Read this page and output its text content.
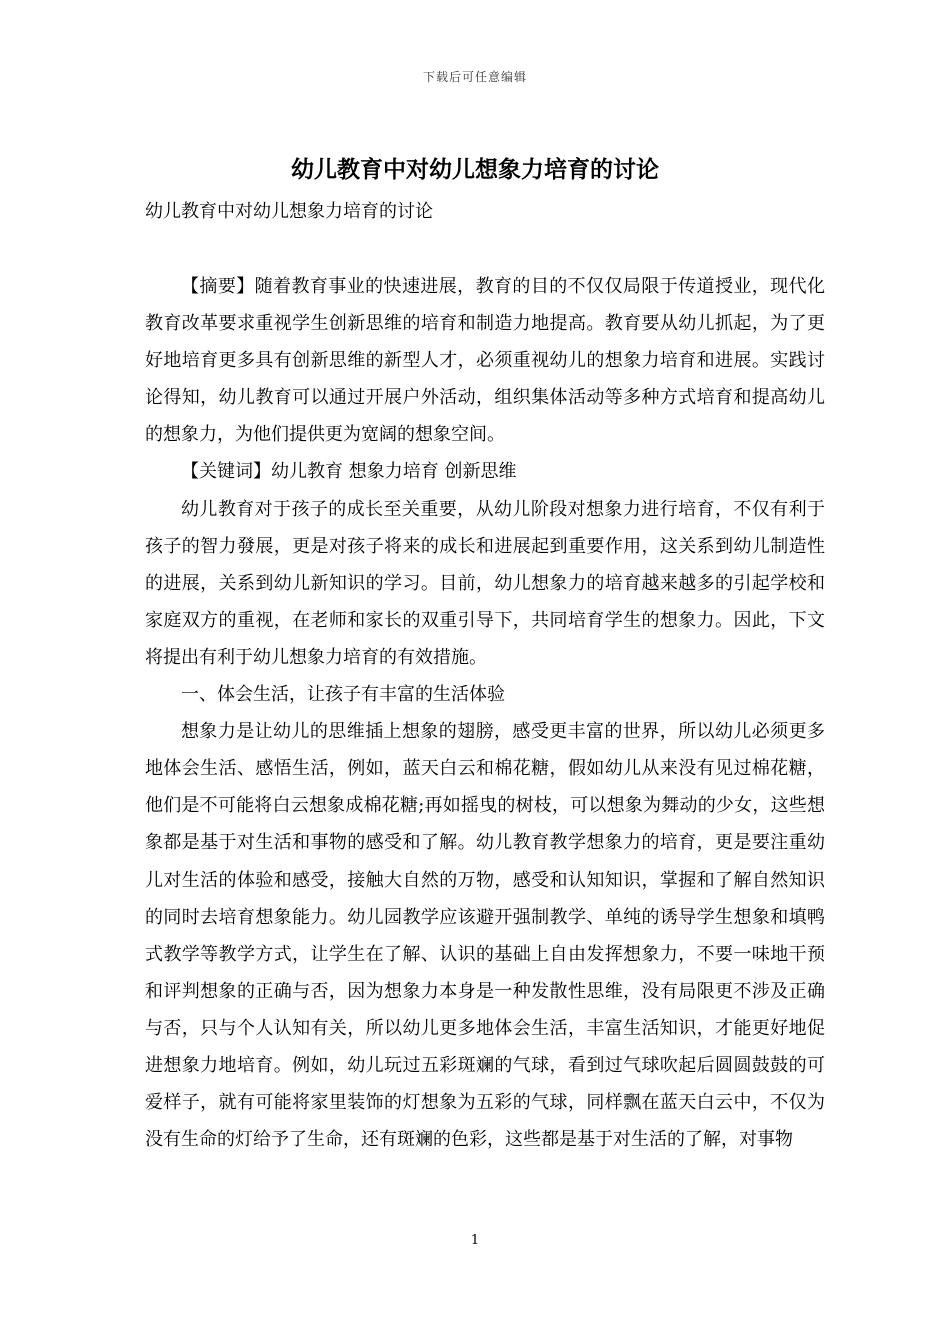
下载后可任意编辑
幼儿教育中对幼儿想象力培育的讨论
幼儿教育中对幼儿想象力培育的讨论

【摘要】随着教育事业的快速进展，教育的目的不仅仅局限于传道授业，现代化教育改革要求重视学生创新思维的培育和制造力地提高。教育要从幼儿抓起，为了更好地培育更多具有创新思维的新型人才，必须重视幼儿的想象力培育和进展。实践讨论得知，幼儿教育可以通过开展户外活动，组织集体活动等多种方式培育和提高幼儿的想象力，为他们提供更为宽阔的想象空间。

【关键词】幼儿教育 想象力培育 创新思维

幼儿教育对于孩子的成长至关重要，从幼儿阶段对想象力进行培育，不仅有利于孩子的智力發展，更是对孩子将来的成长和进展起到重要作用，这关系到幼儿制造性的进展，关系到幼儿新知识的学习。目前，幼儿想象力的培育越来越多的引起学校和家庭双方的重视，在老师和家长的双重引导下，共同培育学生的想象力。因此，下文将提出有利于幼儿想象力培育的有效措施。

一、体会生活，让孩子有丰富的生活体验

想象力是让幼儿的思维插上想象的翅膀，感受更丰富的世界，所以幼儿必须更多地体会生活、感悟生活，例如，蓝天白云和棉花糖，假如幼儿从来没有见过棉花糖，他们是不可能将白云想象成棉花糖;再如摇曳的树枝，可以想象为舞动的少女，这些想象都是基于对生活和事物的感受和了解。幼儿教育教学想象力的培育，更是要注重幼儿对生活的体验和感受，接触大自然的万物，感受和认知知识，掌握和了解自然知识的同时去培育想象能力。幼儿园教学应该避开强制教学、单纯的诱导学生想象和填鸭式教学等教学方式，让学生在了解、认识的基础上自由发挥想象力，不要一味地干预和评判想象的正确与否，因为想象力本身是一种发散性思维，没有局限更不涉及正确与否，只与个人认知有关，所以幼儿更多地体会生活，丰富生活知识，才能更好地促进想象力地培育。例如，幼儿玩过五彩斑斓的气球，看到过气球吹起后圆圆鼓鼓的可爱样子，就有可能将家里装饰的灯想象为五彩的气球，同样飘在蓝天白云中，不仅为没有生命的灯给予了生命，还有斑斓的色彩，这些都是基于对生活的了解，对事物

1
